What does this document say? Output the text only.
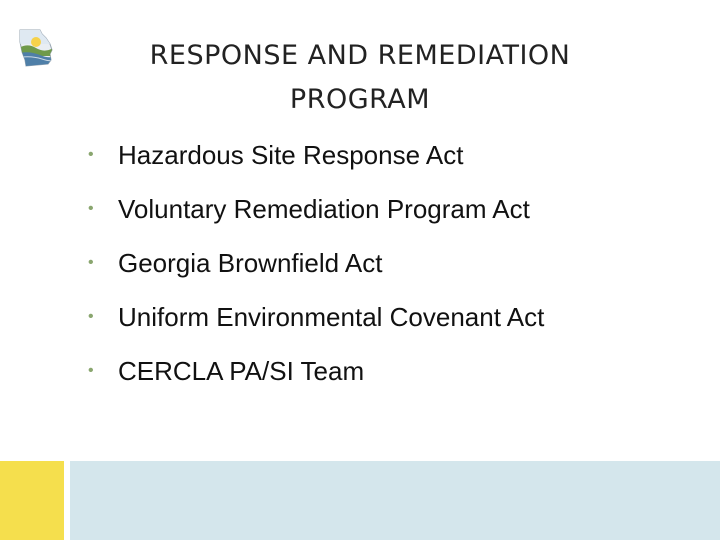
RESPONSE AND REMEDIATION
PROGRAM
• Hazardous Site Response Act
• Voluntary Remediation Program Act
• Georgia Brownfield Act
• Uniform Environmental Covenant Act
• CERCLA PA/SI Team
